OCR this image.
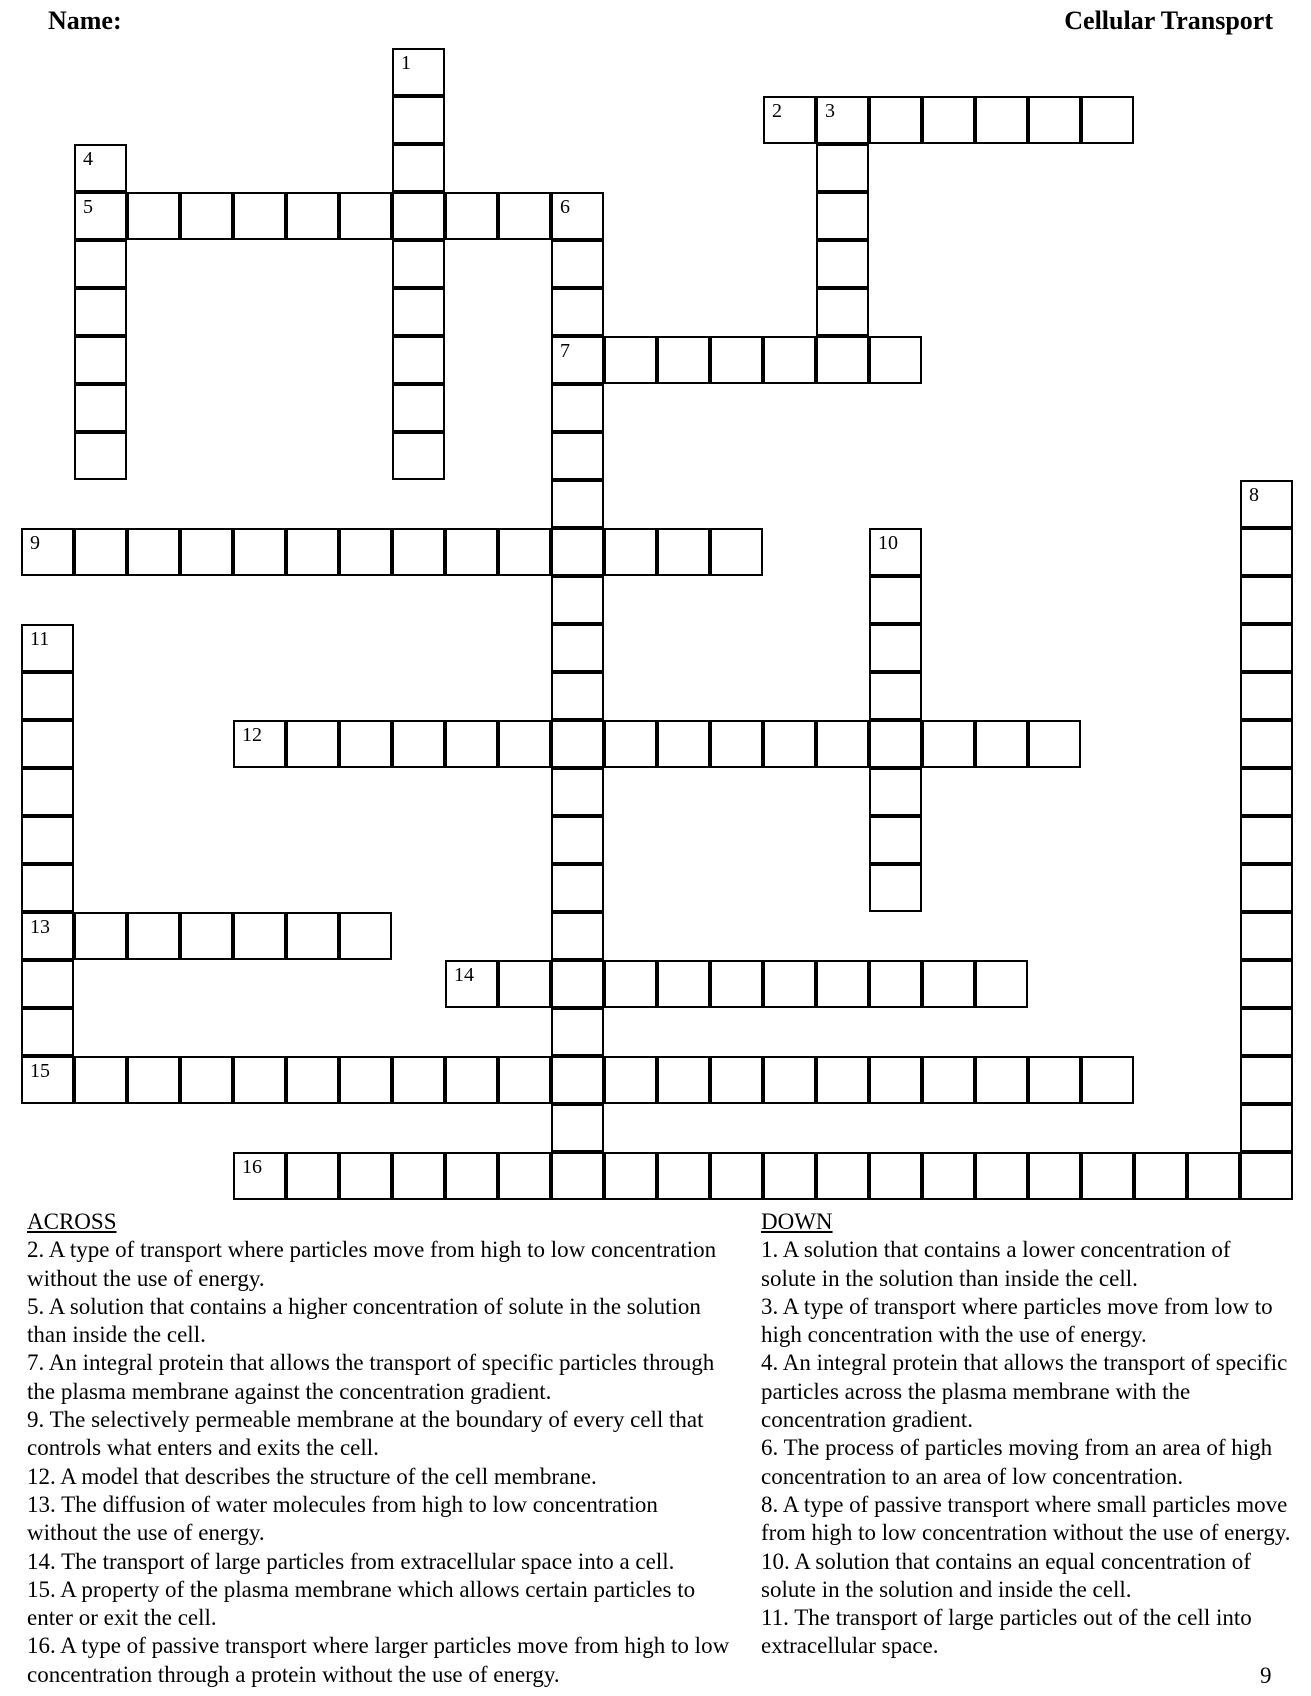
Name:	Cellular Transport
1
2 3
4
5	6
7
8
9	10
11
13
15
12
14
16
ACROSS

2. A type of transport where particles move from high to low concentration without the use of energy.

5. A solution that contains a higher concentration of solute in the solution than inside the cell.

7. An integral protein that allows the transport of specific particles through the plasma membrane against the concentration gradient.

9. The selectively permeable membrane at the boundary of every cell that controls what enters and exits the cell.

12. A model that describes the structure of the cell membrane.

13. The diffusion of water molecules from high to low concentration without the use of energy.

14. The transport of large particles from extracellular space into a cell.

15. A property of the plasma membrane which allows certain particles to enter or exit the cell.

16. A type of passive transport where larger particles move from high to low concentration through a protein without the use of energy.

DOWN

1. A solution that contains a lower concentration of solute in the solution than inside the cell.

3. A type of transport where particles move from low to high concentration with the use of energy.

4. An integral protein that allows the transport of specific particles across the plasma membrane with the concentration gradient.

6. The process of particles moving from an area of high concentration to an area of low concentration.

8. A type of passive transport where small particles move from high to low concentration without the use of energy.

10. A solution that contains an equal concentration of solute in the solution and inside the cell.

11. The transport of large particles out of the cell into extracellular space.

9
